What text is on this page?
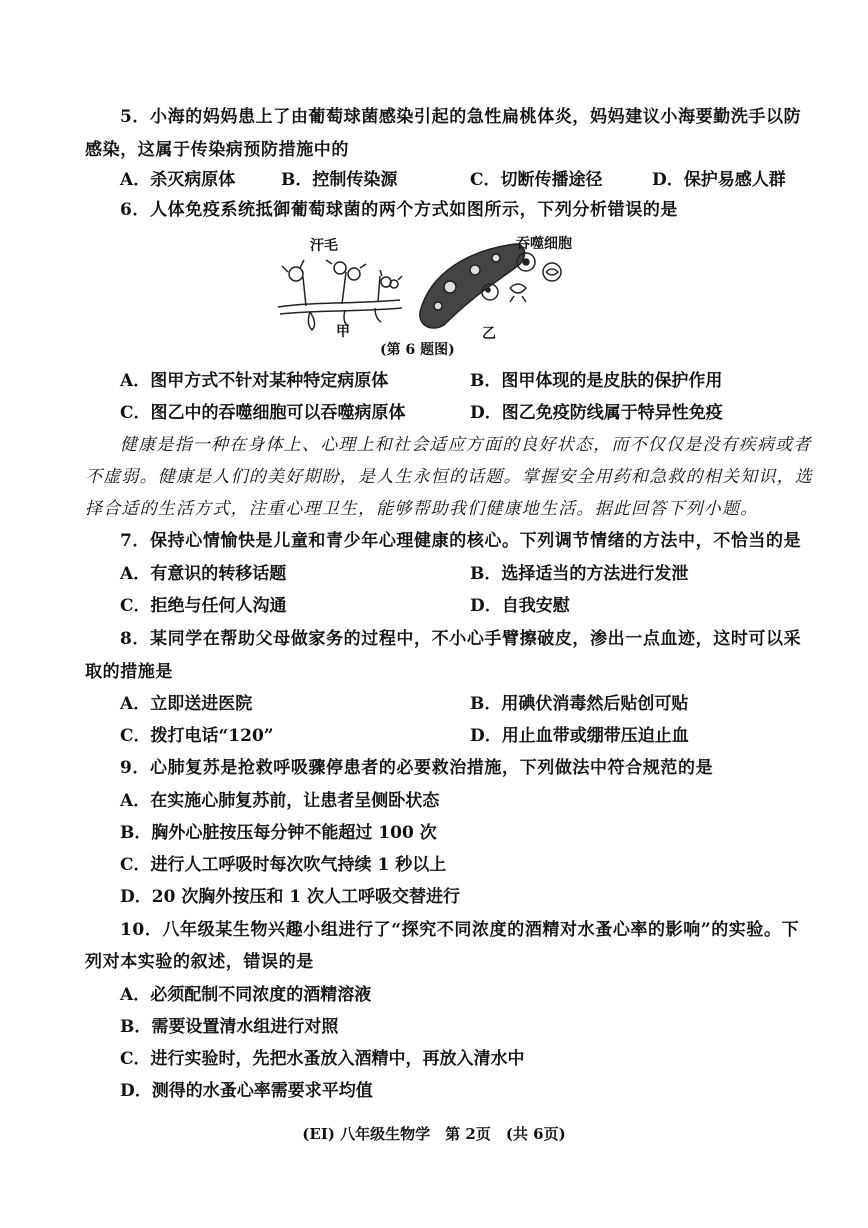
5．小海的妈妈患上了由葡萄球菌感染引起的急性扁桃体炎，妈妈建议小海要勤洗手以防
感染，这属于传染病预防措施中的
A．杀灭病原体	B．控制传染源	C．切断传播途径	D．保护易感人群
6．人体免疫系统抵御葡萄球菌的两个方式如图所示，下列分析错误的是
汗毛	吞噬细胞
甲	乙
(第 6 题图)
A．图甲方式不针对某种特定病原体	B．图甲体现的是皮肤的保护作用
C．图乙中的吞噬细胞可以吞噬病原体	D．图乙免疫防线属于特异性免疫
健康是指一种在身体上、心理上和社会适应方面的良好状态，而不仅仅是没有疾病或者
不虚弱。健康是人们的美好期盼，是人生永恒的话题。掌握安全用药和急救的相关知识，选
择合适的生活方式，注重心理卫生，能够帮助我们健康地生活。据此回答下列小题。
7．保持心情愉快是儿童和青少年心理健康的核心。下列调节情绪的方法中，不恰当的是
A．有意识的转移话题	B．选择适当的方法进行发泄
C．拒绝与任何人沟通	D．自我安慰
8．某同学在帮助父母做家务的过程中，不小心手臂擦破皮，渗出一点血迹，这时可以采
取的措施是
A．立即送进医院	B．用碘伏消毒然后贴创可贴
C．拨打电话“120”	D．用止血带或绷带压迫止血
9．心肺复苏是抢救呼吸骤停患者的必要救治措施，下列做法中符合规范的是
A．在实施心肺复苏前，让患者呈侧卧状态
B．胸外心脏按压每分钟不能超过 100 次
C．进行人工呼吸时每次吹气持续 1 秒以上
D．20 次胸外按压和 1 次人工呼吸交替进行
10．八年级某生物兴趣小组进行了“探究不同浓度的酒精对水蚤心率的影响”的实验。下
列对本实验的叙述，错误的是
A．必须配制不同浓度的酒精溶液
B．需要设置清水组进行对照
C．进行实验时，先把水蚤放入酒精中，再放入清水中
D．测得的水蚤心率需要求平均值
(EI) 八年级生物学　第 2页　(共 6页)
